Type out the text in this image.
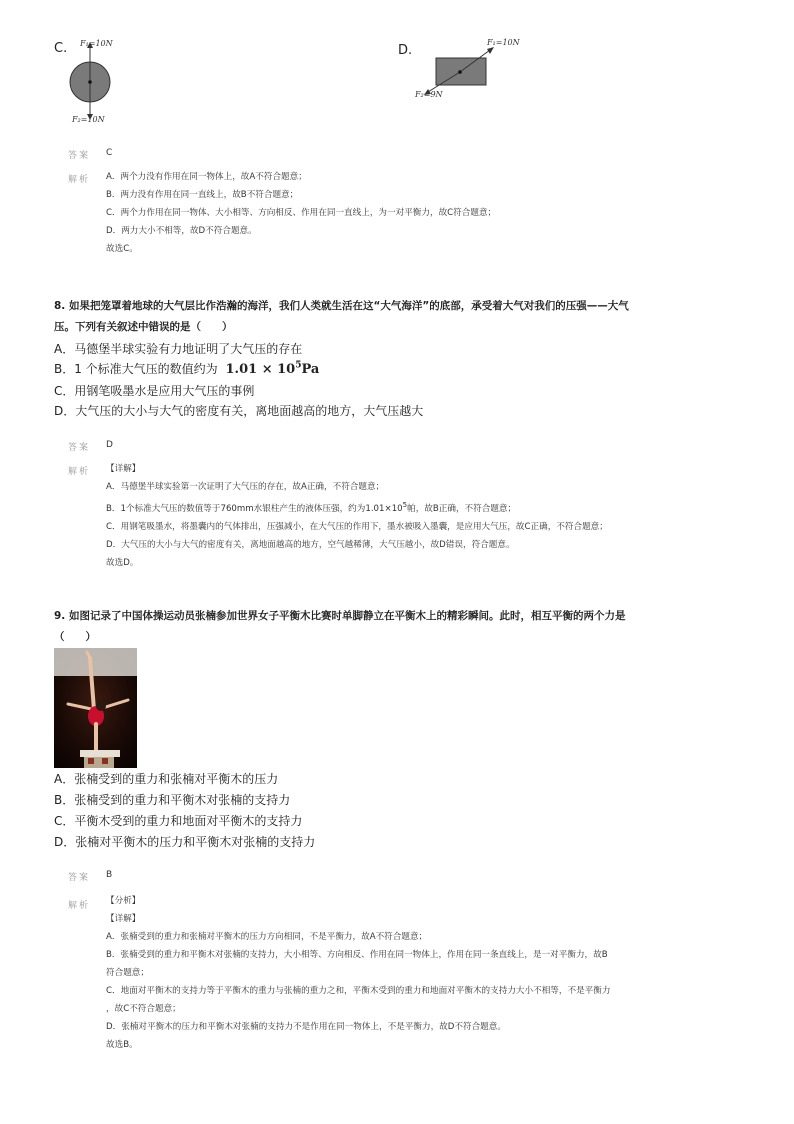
C. F₁=10N
F₂=10N
D.
F₁=10N
F₂=9N
答案 C
解析 A．两个力没有作用在同一物体上，故A不符合题意；
B．两力没有作用在同一直线上，故B不符合题意；
C．两个力作用在同一物体、大小相等、方向相反、作用在同一直线上，为一对平衡力，故C符合题意；
D．两力大小不相等，故D不符合题意。
故选C。
8. 如果把笼罩着地球的大气层比作浩瀚的海洋，我们人类就生活在这“大气海洋”的底部，承受着大气对我们的压强——大气
压。下列有关叙述中错误的是（　　）
A．马德堡半球实验有力地证明了大气压的存在
B．1 个标准大气压的数值约为 $1.01 \times 10^5Pa$
C．用钢笔吸墨水是应用大气压的事例
D．大气压的大小与大气的密度有关，离地面越高的地方，大气压越大
答案 D
解析 【详解】
A．马德堡半球实验第一次证明了大气压的存在，故A正确，不符合题意；
B．1个标准大气压的数值等于760mm水银柱产生的液体压强，约为$1.01\times 10^5$帕，故B正确，不符合题意；
C．用钢笔吸墨水，将墨囊内的气体排出，压强减小，在大气压的作用下，墨水被吸入墨囊，是应用大气压，故C正确，不符合题意；
D．大气压的大小与大气的密度有关，离地面越高的地方，空气越稀薄，大气压越小，故D错误，符合题意。
故选D。
9. 如图记录了中国体操运动员张楠参加世界女子平衡木比赛时单脚静立在平衡木上的精彩瞬间。此时，相互平衡的两个力是
（　　）
A．张楠受到的重力和张楠对平衡木的压力
B．张楠受到的重力和平衡木对张楠的支持力
C．平衡木受到的重力和地面对平衡木的支持力
D．张楠对平衡木的压力和平衡木对张楠的支持力
答案 B
解析 【分析】
【详解】
A．张楠受到的重力和张楠对平衡木的压力方向相同，不是平衡力，故A不符合题意；
B．张楠受到的重力和平衡木对张楠的支持力，大小相等、方向相反、作用在同一物体上，作用在同一条直线上，是一对平衡力，故B
符合题意；
C．地面对平衡木的支持力等于平衡木的重力与张楠的重力之和，平衡木受到的重力和地面对平衡木的支持力大小不相等，不是平衡力
，故C不符合题意；
D．张楠对平衡木的压力和平衡木对张楠的支持力不是作用在同一物体上，不是平衡力，故D不符合题意。
故选B。
